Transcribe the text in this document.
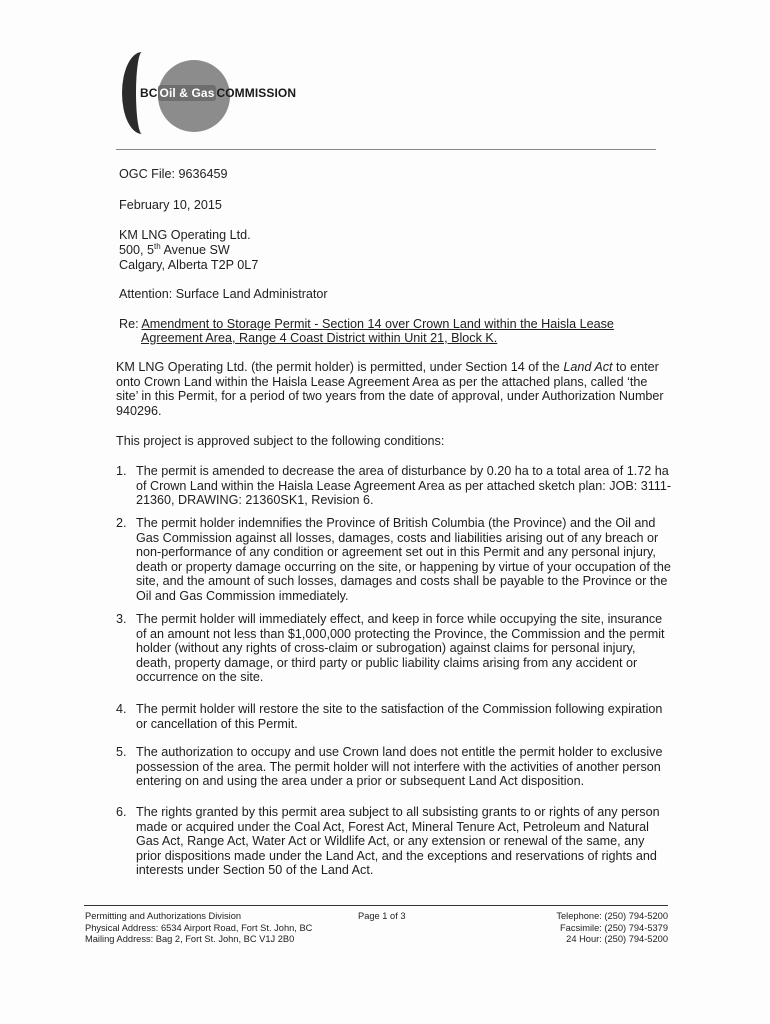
BC Oil & Gas COMMISSION

OGC File: 9636459

February 10, 2015

KM LNG Operating Ltd.

500, 5th Avenue SW

Calgary, Alberta T2P 0L7

Attention: Surface Land Administrator

Re: Amendment to Storage Permit - Section 14 over Crown Land within the Haisla Lease

Agreement Area, Range 4 Coast District within Unit 21, Block K.

KM LNG Operating Ltd. (the permit holder) is permitted, under Section 14 of the Land Act to enter onto Crown Land within the Haisla Lease Agreement Area as per the attached plans, called ‘the site’ in this Permit, for a period of two years from the date of approval, under Authorization Number 940296.

This project is approved subject to the following conditions:

1. The permit is amended to decrease the area of disturbance by 0.20 ha to a total area of 1.72 ha of Crown Land within the Haisla Lease Agreement Area as per attached sketch plan: JOB: 3111-21360, DRAWING: 21360SK1, Revision 6.
2. The permit holder indemnifies the Province of British Columbia (the Province) and the Oil and Gas Commission against all losses, damages, costs and liabilities arising out of any breach or non-performance of any condition or agreement set out in this Permit and any personal injury, death or property damage occurring on the site, or happening by virtue of your occupation of the site, and the amount of such losses, damages and costs shall be payable to the Province or the Oil and Gas Commission immediately.
3. The permit holder will immediately effect, and keep in force while occupying the site, insurance of an amount not less than $1,000,000 protecting the Province, the Commission and the permit holder (without any rights of cross-claim or subrogation) against claims for personal injury, death, property damage, or third party or public liability claims arising from any accident or occurrence on the site.
4. The permit holder will restore the site to the satisfaction of the Commission following expiration or cancellation of this Permit.
5. The authorization to occupy and use Crown land does not entitle the permit holder to exclusive possession of the area. The permit holder will not interfere with the activities of another person entering on and using the area under a prior or subsequent Land Act disposition.
6. The rights granted by this permit area subject to all subsisting grants to or rights of any person made or acquired under the Coal Act, Forest Act, Mineral Tenure Act, Petroleum and Natural Gas Act, Range Act, Water Act or Wildlife Act, or any extension or renewal of the same, any prior dispositions made under the Land Act, and the exceptions and reservations of rights and interests under Section 50 of the Land Act.
Permitting and Authorizations Division
Physical Address: 6534 Airport Road, Fort St. John, BC
Mailing Address: Bag 2, Fort St. John, BC V1J 2B0
Page 1 of 3	Telephone: (250) 794-5200
Facsimile: (250) 794-5379
24 Hour: (250) 794-5200
